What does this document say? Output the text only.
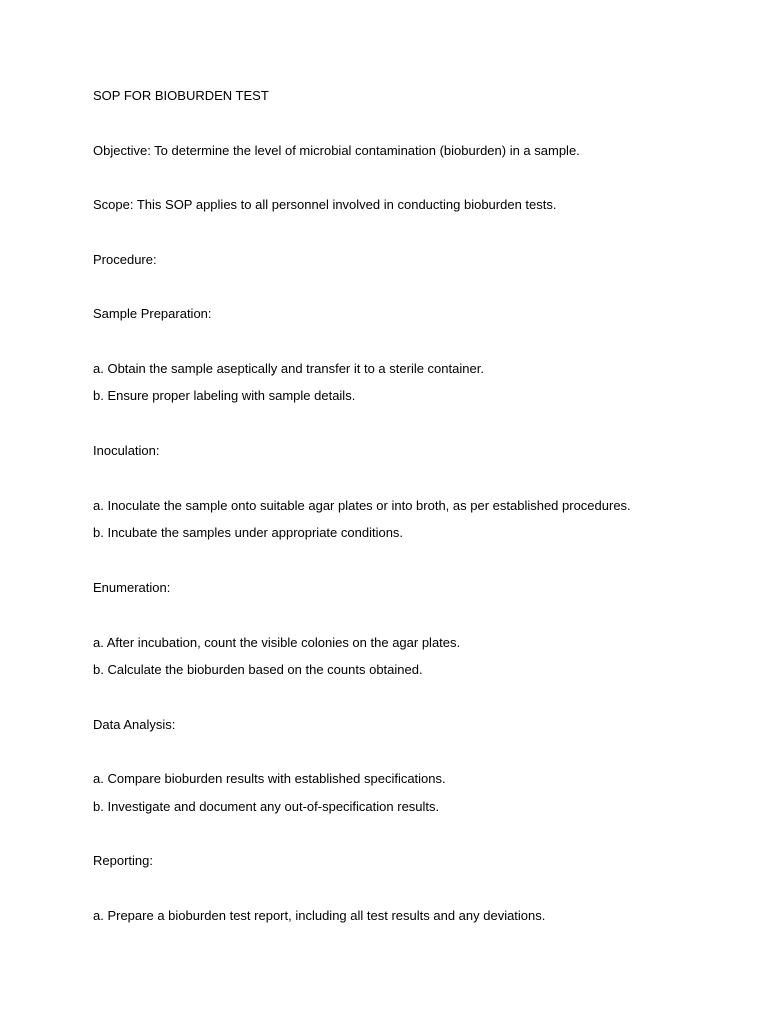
SOP FOR BIOBURDEN TEST
Objective: To determine the level of microbial contamination (bioburden) in a sample.
Scope: This SOP applies to all personnel involved in conducting bioburden tests.
Procedure:
Sample Preparation:
a. Obtain the sample aseptically and transfer it to a sterile container.
b. Ensure proper labeling with sample details.
Inoculation:
a. Inoculate the sample onto suitable agar plates or into broth, as per established procedures.
b. Incubate the samples under appropriate conditions.
Enumeration:
a. After incubation, count the visible colonies on the agar plates.
b. Calculate the bioburden based on the counts obtained.
Data Analysis:
a. Compare bioburden results with established specifications.
b. Investigate and document any out-of-specification results.
Reporting:
a. Prepare a bioburden test report, including all test results and any deviations.
